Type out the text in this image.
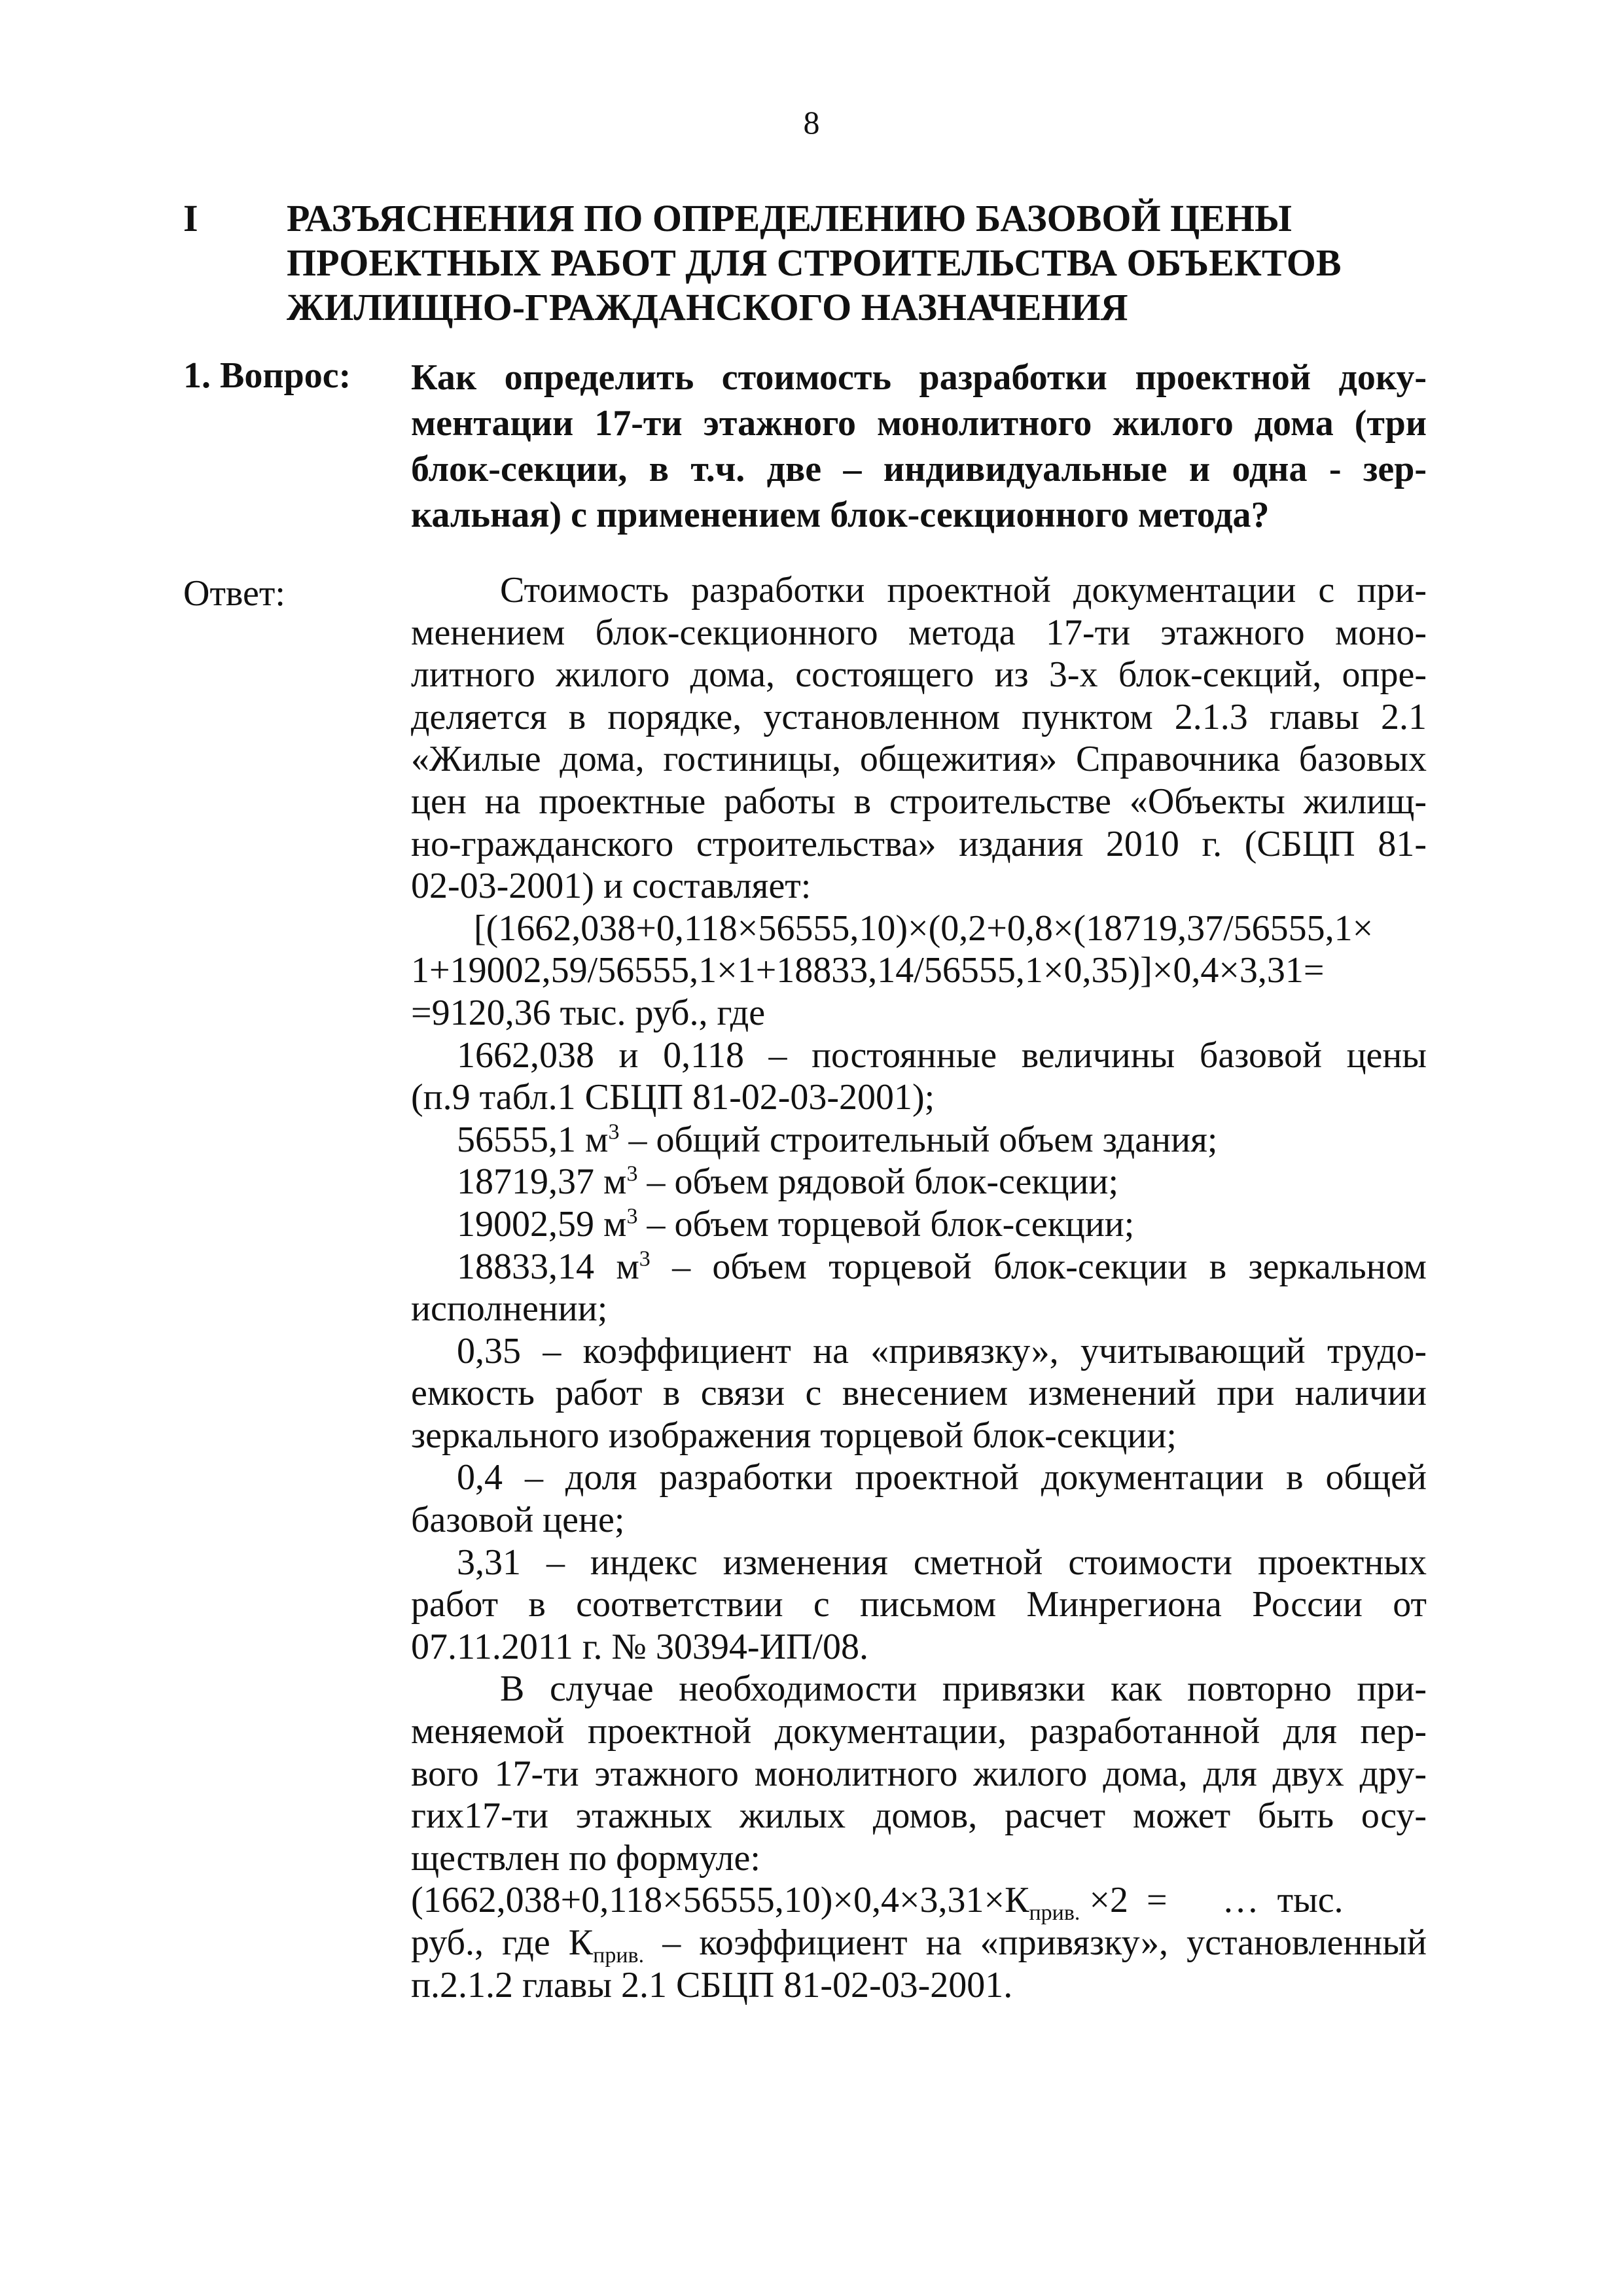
8
I РАЗЪЯСНЕНИЯ ПО ОПРЕДЕЛЕНИЮ БАЗОВОЙ ЦЕНЫ
ПРОЕКТНЫХ РАБОТ ДЛЯ СТРОИТЕЛЬСТВА ОБЪЕКТОВ
ЖИЛИЩНО-ГРАЖДАНСКОГО НАЗНАЧЕНИЯ
1. Вопрос: Как определить стоимость разработки проектной доку-
ментации 17-ти этажного монолитного жилого дома (три
блок-секции, в т.ч. две – индивидуальные и одна - зер-
кальная) с применением блок-секционного метода?
Ответ:	Стоимость разработки проектной документации с при-

менением блок-секционного метода 17-ти этажного моно-

литного жилого дома, состоящего из 3-х блок-секций, опре-

деляется в порядке, установленном пунктом 2.1.3 главы 2.1

«Жилые дома, гостиницы, общежития» Справочника базовых

цен на проектные работы в строительстве «Объекты жилищ-

но-гражданского строительства» издания 2010 г. (СБЦП 81-

02-03-2001) и составляет:

[(1662,038+0,118×56555,10)×(0,2+0,8×(18719,37/56555,1×

1+19002,59/56555,1×1+18833,14/56555,1×0,35)]×0,4×3,31=

=9120,36 тыс. руб., где

1662,038 и 0,118 – постоянные величины базовой цены

(п.9 табл.1 СБЦП 81-02-03-2001);

56555,1 $м^3$ – общий строительный объем здания;

18719,37 $м^3$ – объем рядовой блок-секции;

19002,59 $м^3$ – объем торцевой блок-секции;

18833,14 $м^3$ – объем торцевой блок-секции в зеркальном

исполнении;

0,35 – коэффициент на «привязку», учитывающий трудо-

емкость работ в связи с внесением изменений при наличии

зеркального изображения торцевой блок-секции;

0,4 – доля разработки проектной документации в общей

базовой цене;

3,31 – индекс изменения сметной стоимости проектных

работ в соответствии с письмом Минрегиона России от

07.11.2011 г. № 30394-ИП/08.

В случае необходимости привязки как повторно при-

меняемой проектной документации, разработанной для пер-

вого 17-ти этажного монолитного жилого дома, для двух дру-

гих17-ти этажных жилых домов, расчет может быть осу-

ществлен по формуле:

$(1662,038+0,118\times 56555,10)\times 0,4\times 3,31\times К_{прив.} \times 2$  =      …  тыс.

руб., где $К_{прив.}$ – коэффициент на «привязку», установленный

п.2.1.2 главы 2.1 СБЦП 81-02-03-2001.
